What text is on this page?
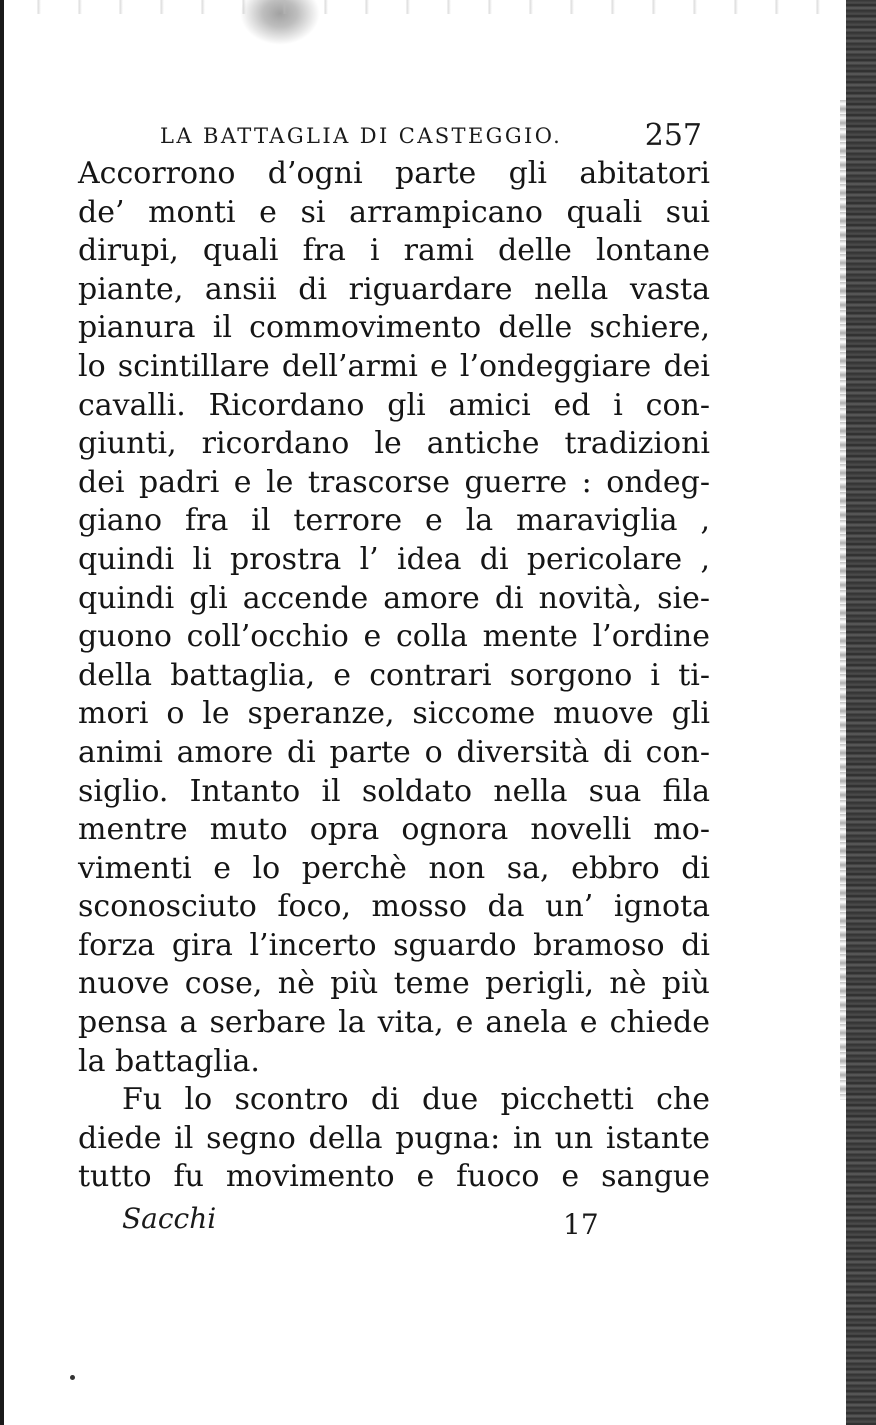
LA BATTAGLIA DI CASTEGGIO.	257
Accorrono d’ogni parte gli abitatori
de’ monti e si arrampicano quali sui
dirupi, quali fra i rami delle lontane
piante, ansii di riguardare nella vasta
pianura il commovimento delle schiere,
lo scintillare dell’armi e l’ondeggiare dei
cavalli. Ricordano gli amici ed i con-
giunti, ricordano le antiche tradizioni
dei padri e le trascorse guerre : ondeg-
giano fra il terrore e la maraviglia ,
quindi li prostra l’ idea di pericolare ,
quindi gli accende amore di novità, sie-
guono coll’occhio e colla mente l’ordine
della battaglia, e contrari sorgono i ti-
mori o le speranze, siccome muove gli
animi amore di parte o diversità di con-
siglio. Intanto il soldato nella sua fila
mentre muto opra ognora novelli mo-
vimenti e lo perchè non sa, ebbro di
sconosciuto foco, mosso da un’ ignota
forza gira l’incerto sguardo bramoso di
nuove cose, nè più teme perigli, nè più
pensa a serbare la vita, e anela e chiede
la battaglia.
Fu lo scontro di due picchetti che
diede il segno della pugna: in un istante
tutto fu movimento e fuoco e sangue
Sacchi	17
